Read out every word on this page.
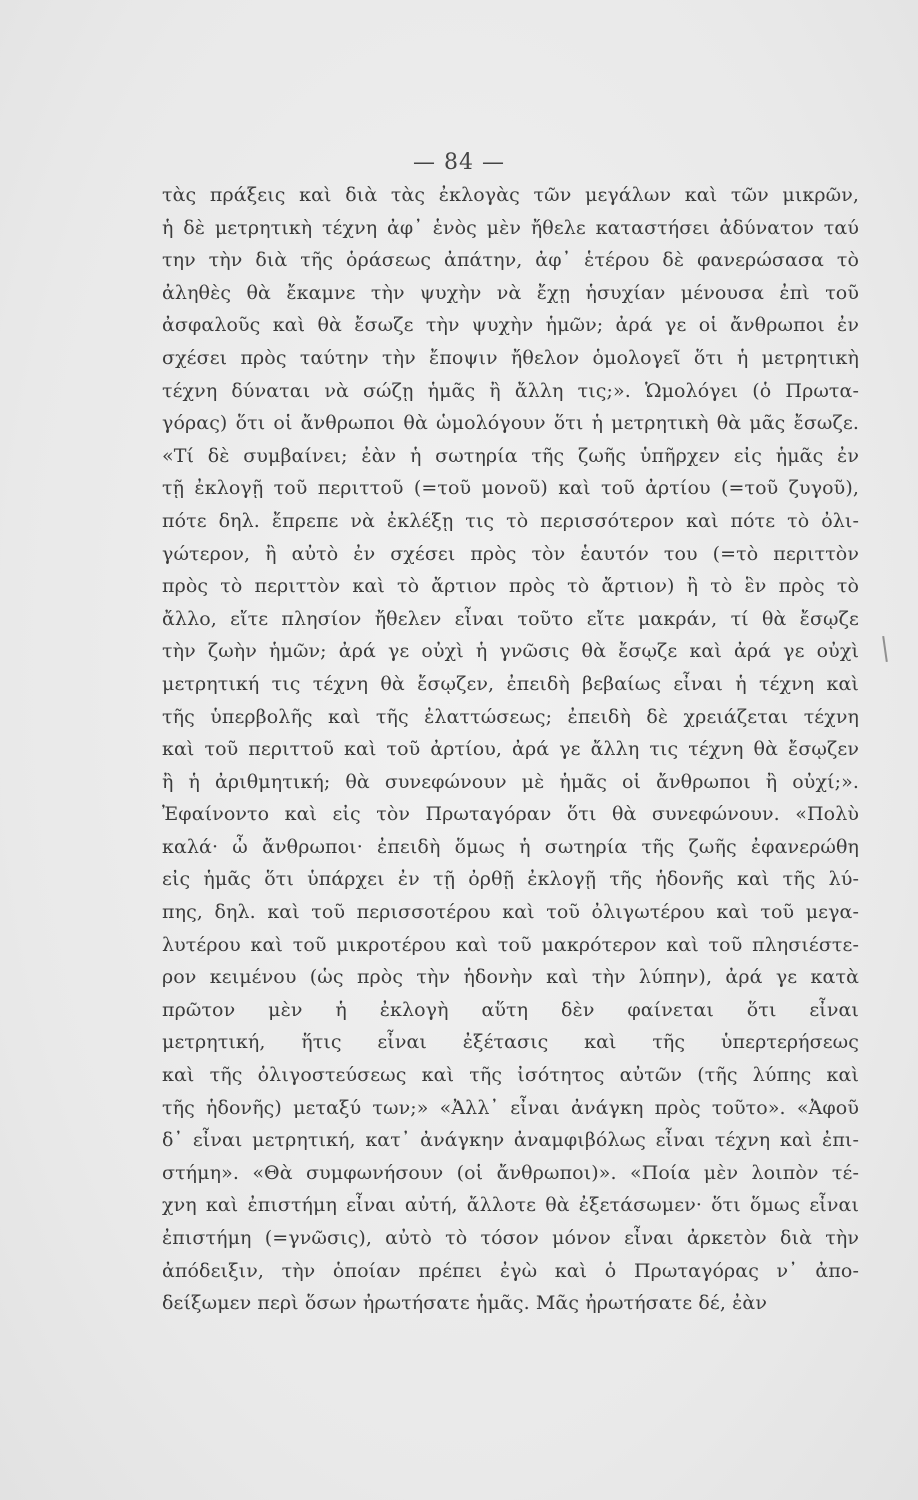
— 84 —
τὰς πράξεις καὶ διὰ τὰς ἐκλογὰς τῶν μεγάλων καὶ τῶν μικρῶν,
ἡ δὲ μετρητικὴ τέχνη ἀφ᾽ ἑνὸς μὲν ἤθελε καταστήσει ἀδύνατον ταύ
την τὴν διὰ τῆς ὁράσεως ἀπάτην, ἀφ᾽ ἑτέρου δὲ φανερώσασα τὸ
ἀληθὲς θὰ ἔκαμνε τὴν ψυχὴν νὰ ἔχῃ ἡσυχίαν μένουσα ἐπὶ τοῦ
ἀσφαλοῦς καὶ θὰ ἔσωζε τὴν ψυχὴν ἡμῶν; ἀρά γε οἱ ἄνθρωποι ἐν
σχέσει πρὸς ταύτην τὴν ἔποψιν ἤθελον ὁμολογεῖ ὅτι ἡ μετρητικὴ
τέχνη δύναται νὰ σώζῃ ἡμᾶς ἢ ἄλλη τις;». Ὡμολόγει (ὁ Πρωτα-
γόρας) ὅτι οἱ ἄνθρωποι θὰ ὡμολόγουν ὅτι ἡ μετρητικὴ θὰ μᾶς ἔσωζε.
«Τί δὲ συμβαίνει; ἐὰν ἡ σωτηρία τῆς ζωῆς ὑπῆρχεν εἰς ἡμᾶς ἐν
τῇ ἐκλογῇ τοῦ περιττοῦ (=τοῦ μονοῦ) καὶ τοῦ ἀρτίου (=τοῦ ζυγοῦ),
πότε δηλ. ἔπρεπε νὰ ἐκλέξῃ τις τὸ περισσότερον καὶ πότε τὸ ὀλι-
γώτερον, ἢ αὐτὸ ἐν σχέσει πρὸς τὸν ἑαυτόν του (=τὸ περιττὸν
πρὸς τὸ περιττὸν καὶ τὸ ἄρτιον πρὸς τὸ ἄρτιον) ἢ τὸ ἓν πρὸς τὸ
ἄλλο, εἴτε πλησίον ἤθελεν εἶναι τοῦτο εἴτε μακράν, τί θὰ ἔσῳζε
τὴν ζωὴν ἡμῶν; ἀρά γε οὐχὶ ἡ γνῶσις θὰ ἔσῳζε καὶ ἀρά γε οὐχὶ
μετρητική τις τέχνη θὰ ἔσῳζεν, ἐπειδὴ βεβαίως εἶναι ἡ τέχνη καὶ
τῆς ὑπερβολῆς καὶ τῆς ἐλαττώσεως; ἐπειδὴ δὲ χρειάζεται τέχνη
καὶ τοῦ περιττοῦ καὶ τοῦ ἀρτίου, ἀρά γε ἄλλη τις τέχνη θὰ ἔσῳζεν
ἢ ἡ ἀριθμητική; θὰ συνεφώνουν μὲ ἡμᾶς οἱ ἄνθρωποι ἢ οὐχί;».
Ἐφαίνοντο καὶ εἰς τὸν Πρωταγόραν ὅτι θὰ συνεφώνουν. «Πολὺ
καλά· ὦ ἄνθρωποι· ἐπειδὴ ὅμως ἡ σωτηρία τῆς ζωῆς ἐφανερώθη
εἰς ἡμᾶς ὅτι ὑπάρχει ἐν τῇ ὀρθῇ ἐκλογῇ τῆς ἡδονῆς καὶ τῆς λύ-
πης, δηλ. καὶ τοῦ περισσοτέρου καὶ τοῦ ὀλιγωτέρου καὶ τοῦ μεγα-
λυτέρου καὶ τοῦ μικροτέρου καὶ τοῦ μακρότερον καὶ τοῦ πλησιέστε-
ρον κειμένου (ὡς πρὸς τὴν ἡδονὴν καὶ τὴν λύπην), ἀρά γε κατὰ
πρῶτον μὲν ἡ ἐκλογὴ αὕτη δὲν φαίνεται ὅτι εἶναι
μετρητική, ἥτις εἶναι ἐξέτασις καὶ τῆς ὑπερτερήσεως
καὶ τῆς ὀλιγοστεύσεως καὶ τῆς ἰσότητος αὐτῶν (τῆς λύπης καὶ
τῆς ἡδονῆς) μεταξύ των;» «Ἀλλ᾽ εἶναι ἀνάγκη πρὸς τοῦτο». «Ἀφοῦ
δ᾽ εἶναι μετρητική, κατ᾽ ἀνάγκην ἀναμφιβόλως εἶναι τέχνη καὶ ἐπι-
στήμη». «Θὰ συμφωνήσουν (οἱ ἄνθρωποι)». «Ποία μὲν λοιπὸν τέ-
χνη καὶ ἐπιστήμη εἶναι αὐτή, ἄλλοτε θὰ ἐξετάσωμεν· ὅτι ὅμως εἶναι
ἐπιστήμη (=γνῶσις), αὐτὸ τὸ τόσον μόνον εἶναι ἀρκετὸν διὰ τὴν
ἀπόδειξιν, τὴν ὁποίαν πρέπει ἐγὼ καὶ ὁ Πρωταγόρας ν᾽ ἀπο-
δείξωμεν περὶ ὅσων ἠρωτήσατε ἡμᾶς. Μᾶς ἠρωτήσατε δέ, ἐὰν
